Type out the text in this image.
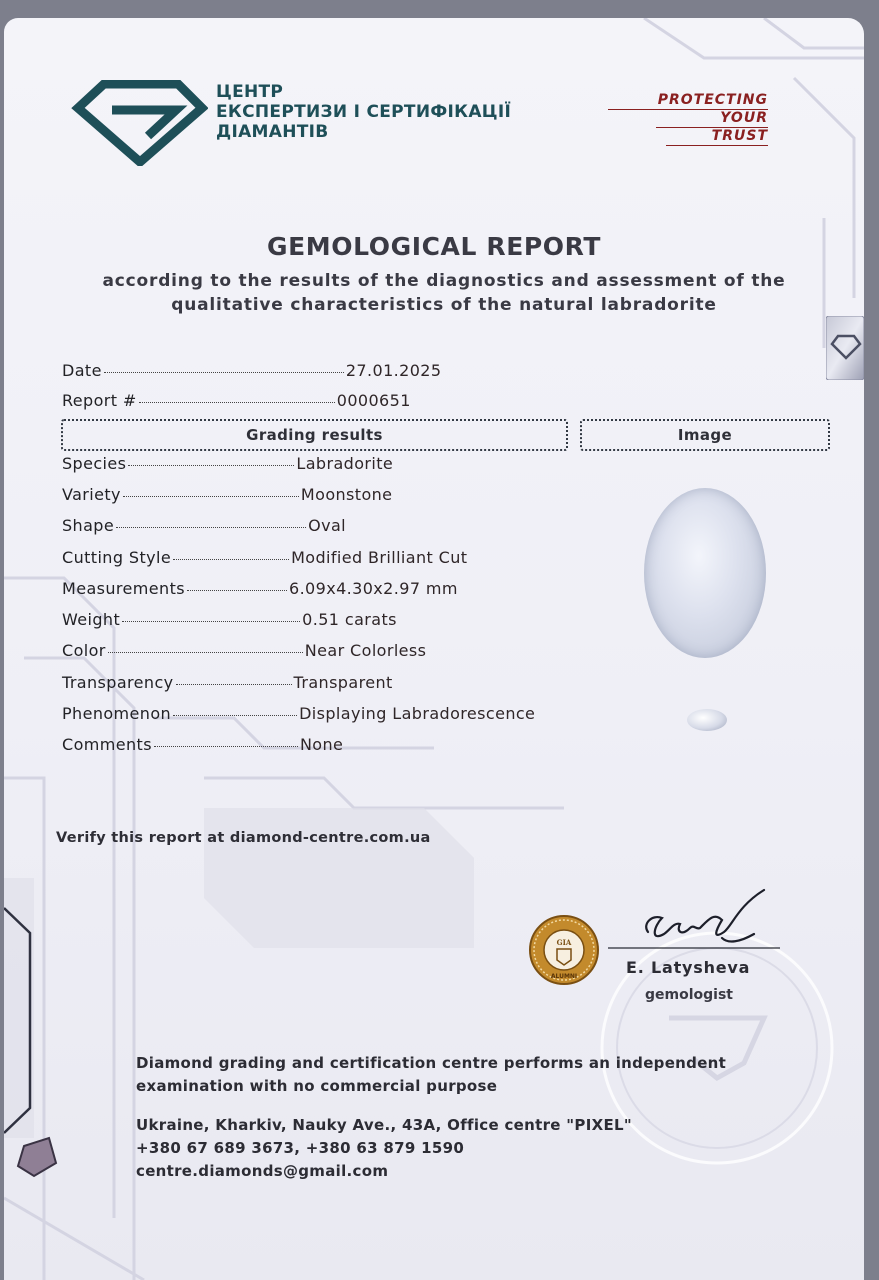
ЦЕНТР
ЕКСПЕРТИЗИ І СЕРТИФІКАЦІЇ
ДІАМАНТІВ
PROTECTING
YOUR
TRUST
GEMOLOGICAL REPORT
according to the results of the diagnostics and assessment of the
qualitative characteristics of the natural labradorite
Date	27.01.2025
Report #	0000651
Grading results	Image
Species	Labradorite
Variety	Moonstone
Shape	Oval
Cutting Style	Modified Brilliant Cut
Measurements	6.09x4.30x2.97 mm
Weight	0.51 carats
Color	Near Colorless
Transparency	Transparent
Phenomenon	Displaying Labradorescence
Comments	None
Verify this report at diamond-centre.com.ua
GIA
ALUMNI	E. Latysheva
gemologist
Diamond grading and certification centre performs an independent
examination with no commercial purpose
Ukraine, Kharkiv, Nauky Ave., 43A, Office centre "PIXEL"
+380 67 689 3673, +380 63 879 1590
centre.diamonds@gmail.com
